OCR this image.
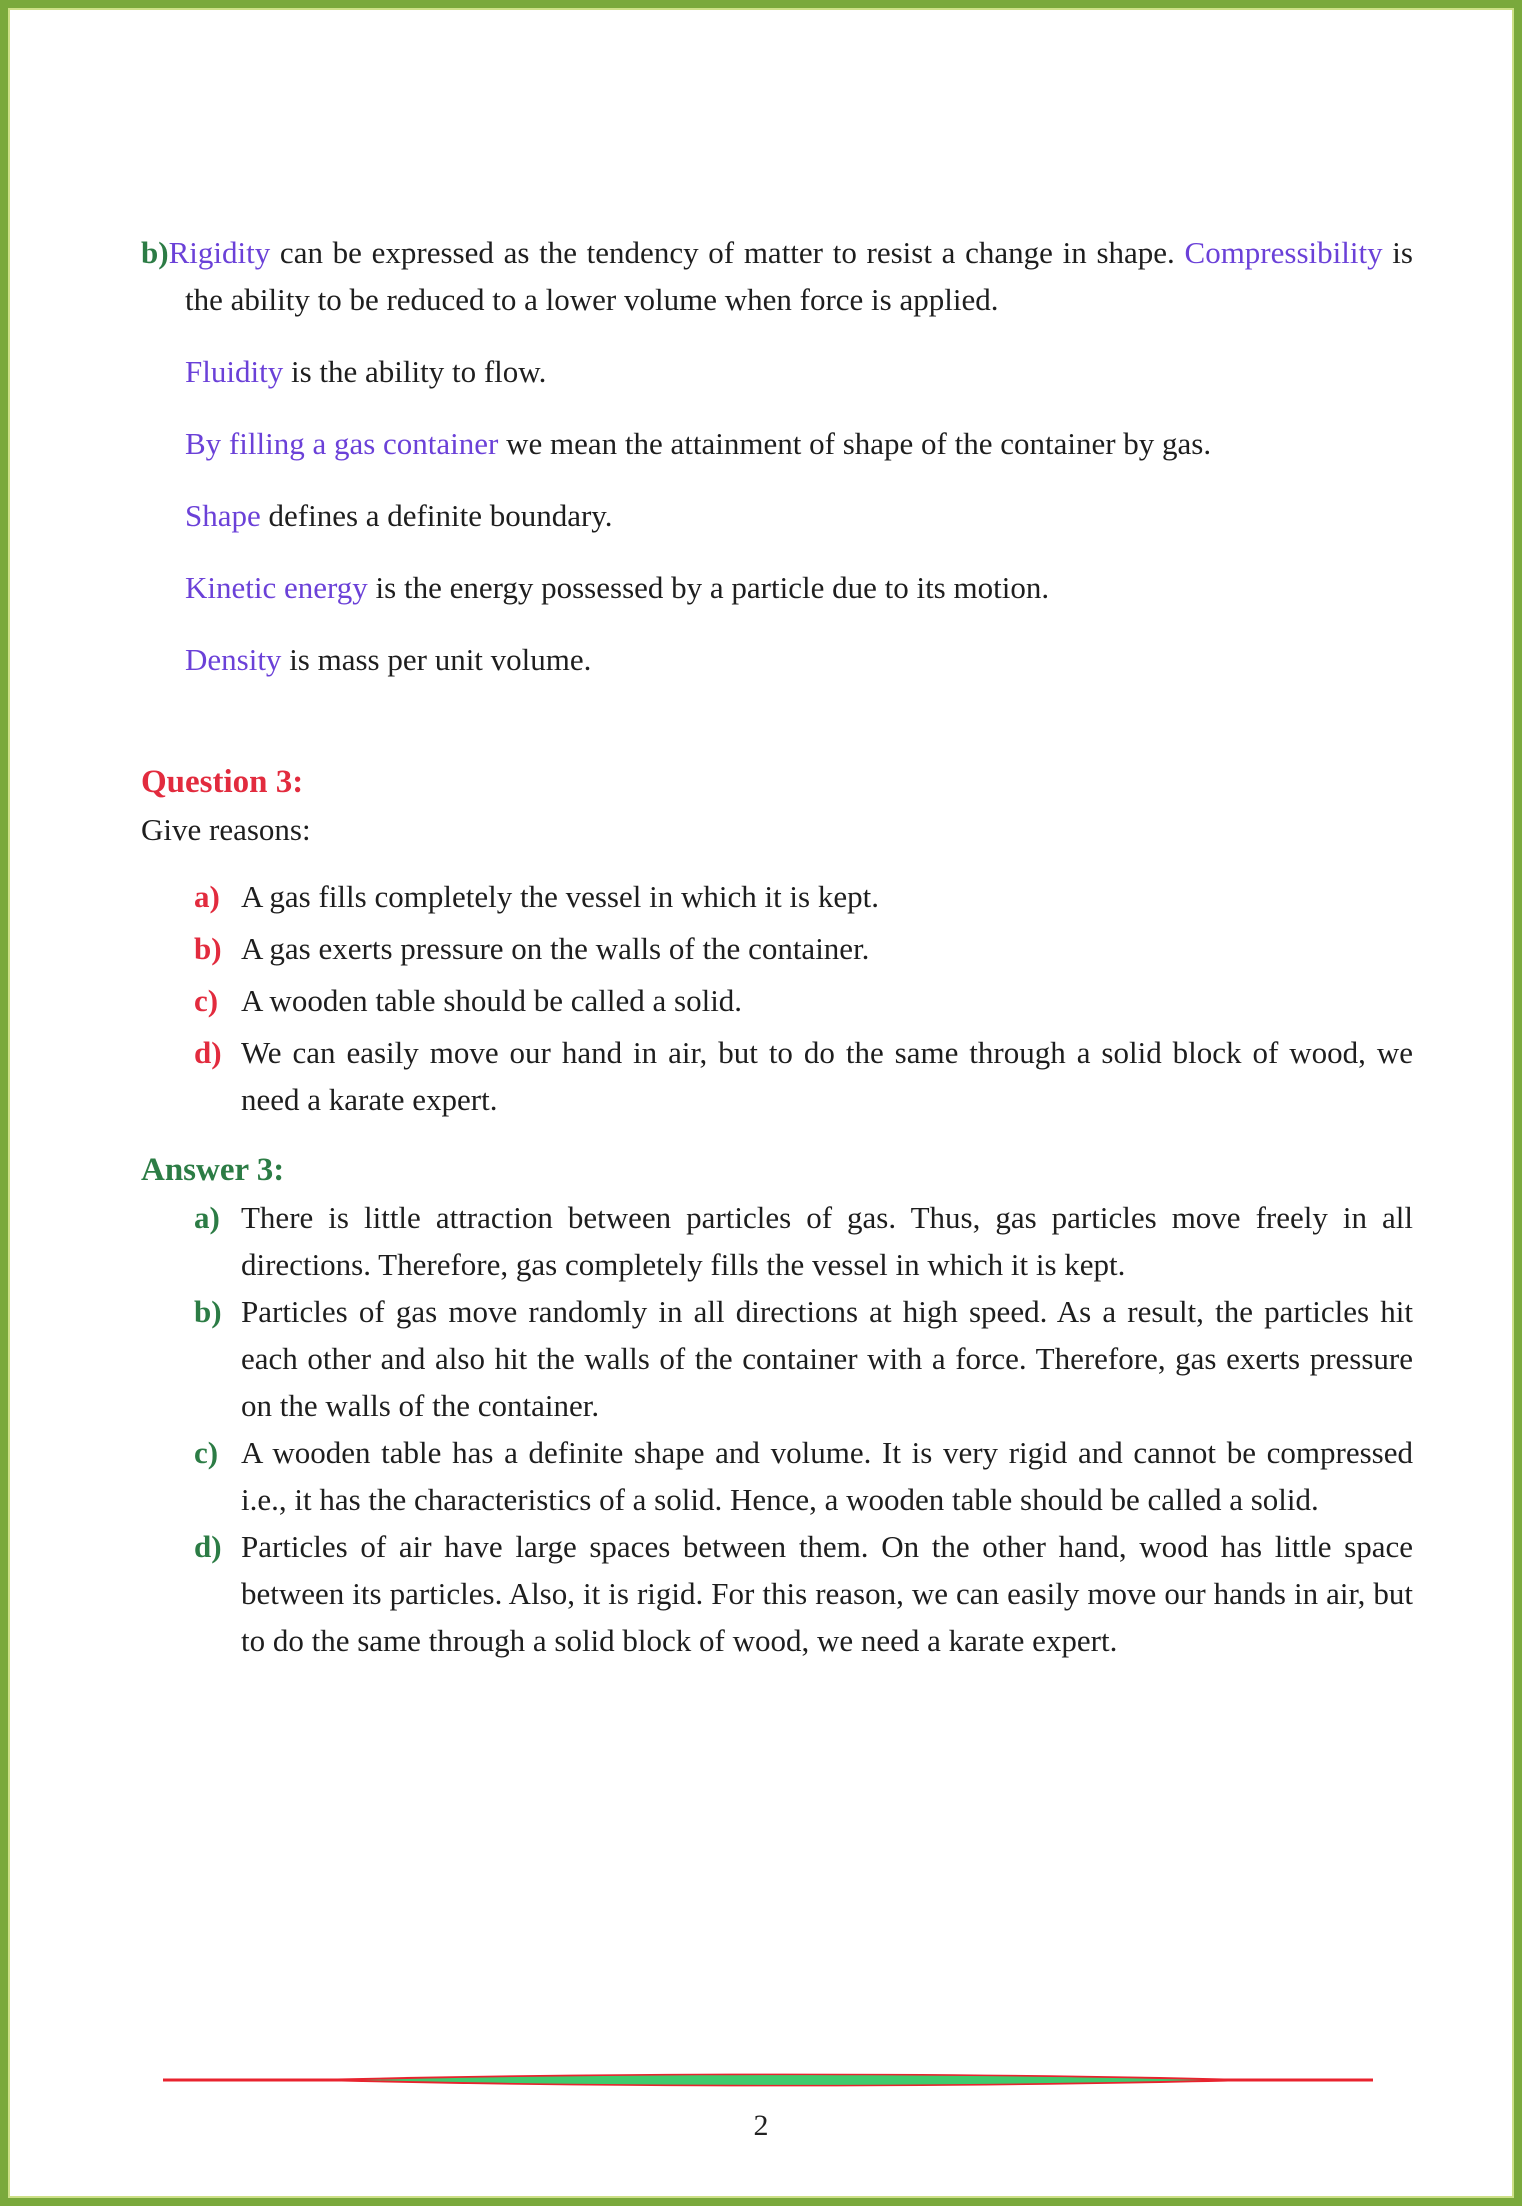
b)Rigidity can be expressed as the tendency of matter to resist a change in shape. Compressibility is the ability to be reduced to a lower volume when force is applied.

Fluidity is the ability to flow.

By filling a gas container we mean the attainment of shape of the container by gas.

Shape defines a definite boundary.

Kinetic energy is the energy possessed by a particle due to its motion.

Density is mass per unit volume.

Question 3:

Give reasons:

a) A gas fills completely the vessel in which it is kept.
b) A gas exerts pressure on the walls of the container.
c) A wooden table should be called a solid.
d) We can easily move our hand in air, but to do the same through a solid block of wood, we need a karate expert.
Answer 3:
a) There is little attraction between particles of gas. Thus, gas particles move freely in all directions. Therefore, gas completely fills the vessel in which it is kept.
b) Particles of gas move randomly in all directions at high speed. As a result, the particles hit each other and also hit the walls of the container with a force. Therefore, gas exerts pressure on the walls of the container.
c) A wooden table has a definite shape and volume. It is very rigid and cannot be compressed i.e., it has the characteristics of a solid. Hence, a wooden table should be called a solid.
d) Particles of air have large spaces between them. On the other hand, wood has little space between its particles. Also, it is rigid. For this reason, we can easily move our hands in air, but to do the same through a solid block of wood, we need a karate expert.
2
